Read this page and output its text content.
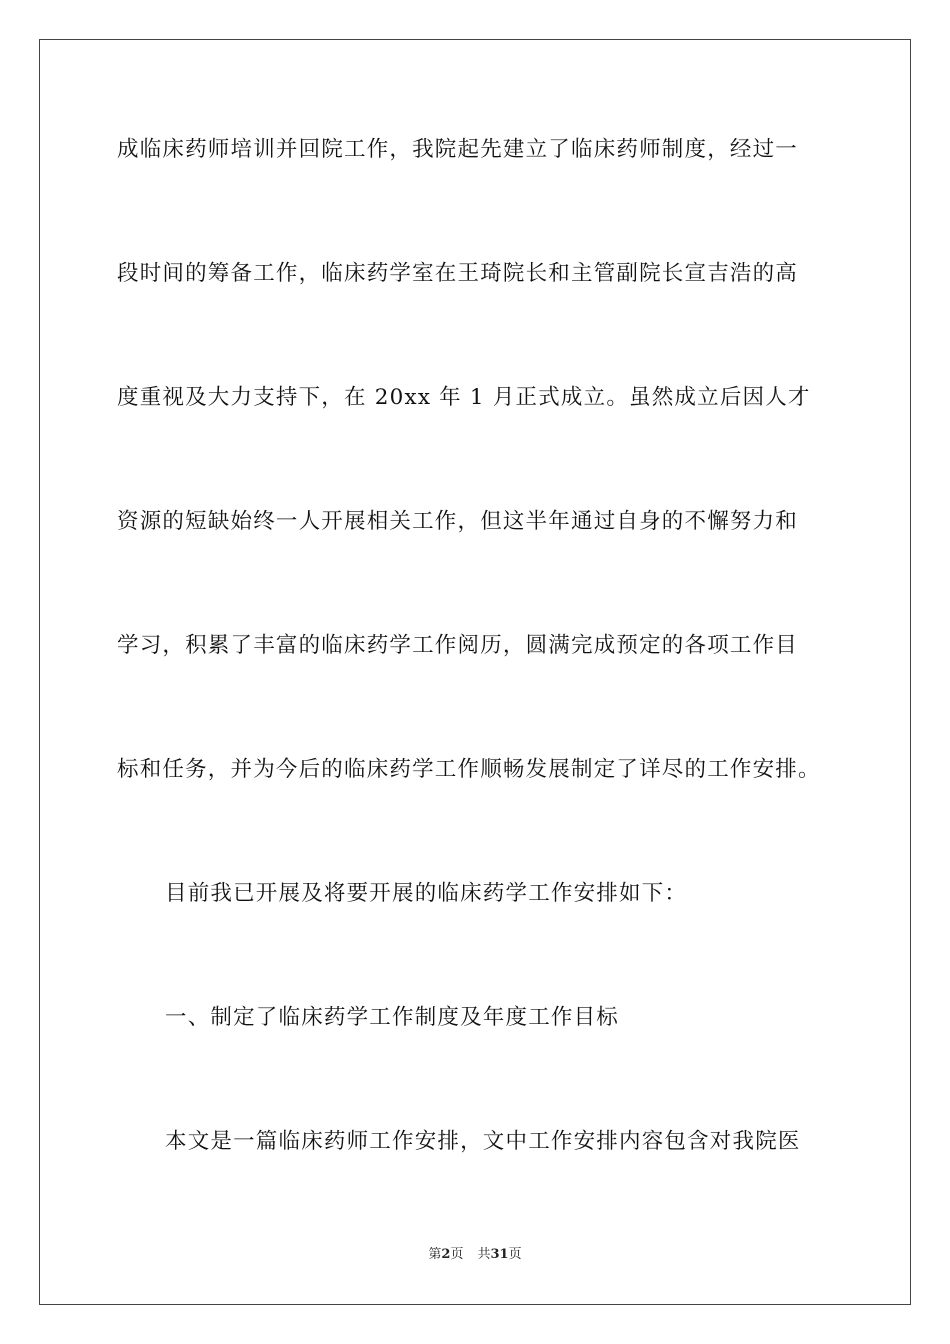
成临床药师培训并回院工作，我院起先建立了临床药师制度，经过一
段时间的筹备工作，临床药学室在王琦院长和主管副院长宣吉浩的高
度重视及大力支持下，在 20xx 年 1 月正式成立。虽然成立后因人才
资源的短缺始终一人开展相关工作，但这半年通过自身的不懈努力和
学习，积累了丰富的临床药学工作阅历，圆满完成预定的各项工作目
标和任务，并为今后的临床药学工作顺畅发展制定了详尽的工作安排。
目前我已开展及将要开展的临床药学工作安排如下：
一、制定了临床药学工作制度及年度工作目标
本文是一篇临床药师工作安排，文中工作安排内容包含对我院医
第2页 共31页
